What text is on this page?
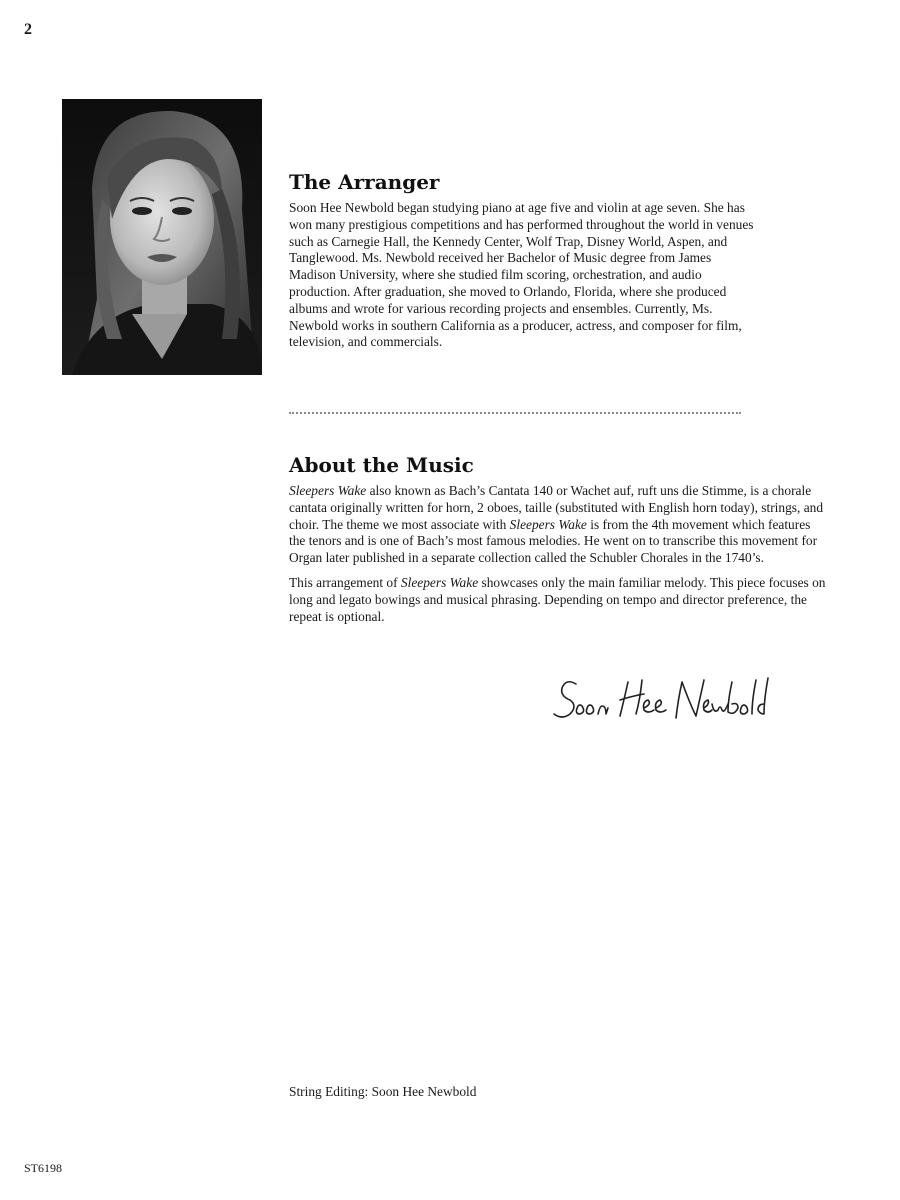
2
The Arranger

Soon Hee Newbold began studying piano at age five and violin at age seven. She has won many prestigious competitions and has performed throughout the world in venues such as Carnegie Hall, the Kennedy Center, Wolf Trap, Disney World, Aspen, and Tanglewood. Ms. Newbold received her Bachelor of Music degree from James Madison University, where she studied film scoring, orchestration, and audio production. After graduation, she moved to Orlando, Florida, where she produced albums and wrote for various recording projects and ensembles. Currently, Ms. Newbold works in southern California as a producer, actress, and composer for film, television, and commercials.

About the Music

Sleepers Wake also known as Bach’s Cantata 140 or Wachet auf, ruft uns die Stimme, is a chorale cantata originally written for horn, 2 oboes, taille (substituted with English horn today), strings, and choir. The theme we most associate with Sleepers Wake is from the 4th movement which features the tenors and is one of Bach’s most famous melodies. He went on to transcribe this movement for Organ later published in a separate collection called the Schubler Chorales in the 1740’s.

This arrangement of Sleepers Wake showcases only the main familiar melody. This piece focuses on long and legato bowings and musical phrasing. Depending on tempo and director preference, the repeat is optional.

String Editing: Soon Hee Newbold
ST6198
